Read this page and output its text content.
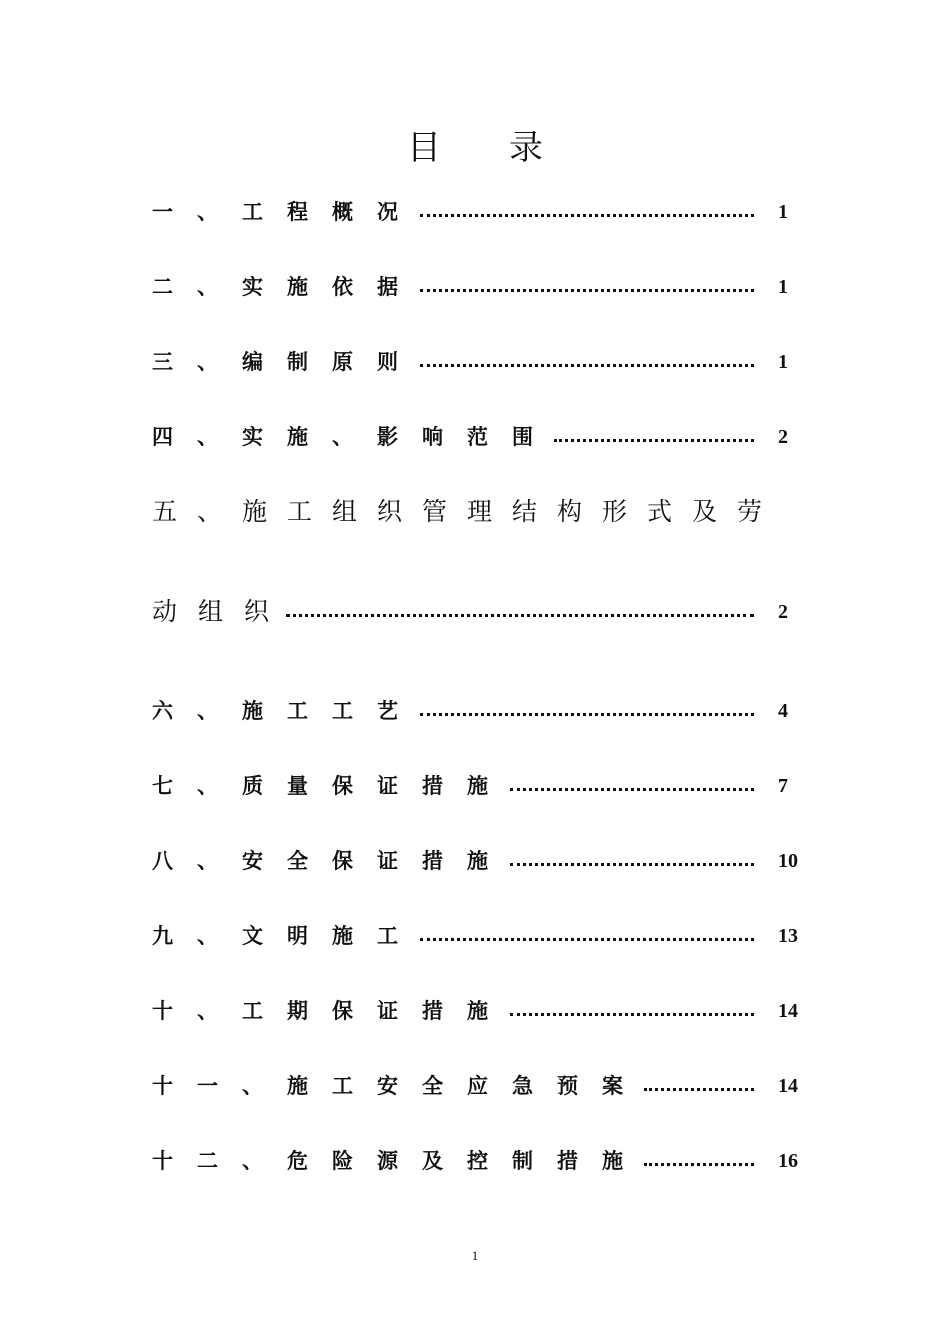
目 录
一、工程概况	1
二、实施依据	1
三、编制原则	1
四、实施、影响范围	2
五、施工组织管理结构形式及劳
动组织	2
六、施工工艺	4
七、质量保证措施	7
八、安全保证措施	10
九、文明施工	13
十、工期保证措施	14
十一、施工安全应急预案	14
十二、危险源及控制措施	16
1
